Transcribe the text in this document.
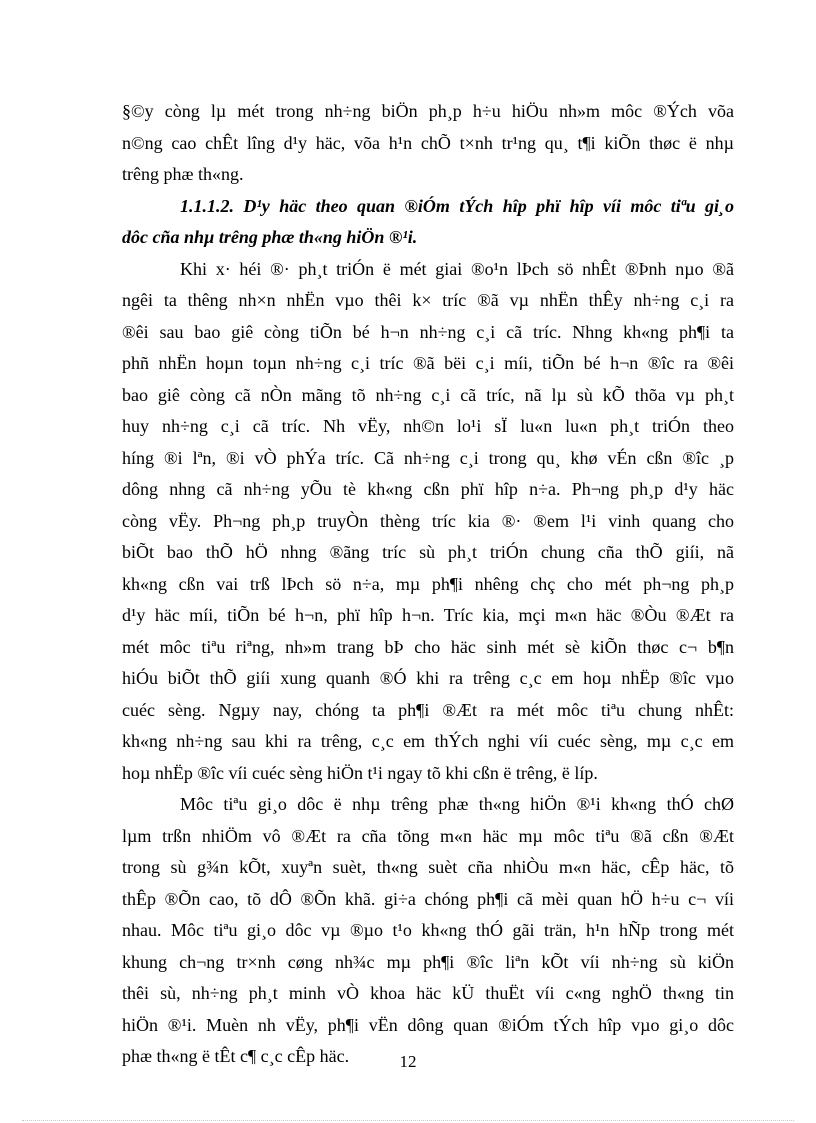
§©y còng lµ mét trong nh÷ng biÖn ph¸p h÷u hiÖu nh»m môc ®Ých võa
n©ng cao chÊt lîng d¹y häc, võa h¹n chÕ t×nh tr¹ng qu¸ t¶i kiÕn thøc ë nhµ
trêng phæ th«ng.

1.1.1.2. D¹y häc theo quan ®iÓm tÝch hîp phï hîp víi môc tiªu gi¸o
dôc cña nhµ trêng phæ th«ng hiÖn ®¹i.

Khi x· héi ®· ph¸t triÓn ë mét giai ®o¹n lÞch sö nhÊt ®Þnh nµo ®ã
ngêi ta thêng nh×n nhËn vµo thêi k× tríc ®ã vµ nhËn thÊy nh÷ng c¸i ra
®êi sau bao giê còng tiÕn bé h¬n nh÷ng c¸i cã tríc. Nhng kh«ng ph¶i ta
phñ nhËn hoµn toµn nh÷ng c¸i tríc ®ã bëi c¸i míi, tiÕn bé h¬n ®îc ra ®êi
bao giê còng cã nÒn mãng tõ nh÷ng c¸i cã tríc, nã lµ sù kÕ thõa vµ ph¸t
huy nh÷ng c¸i cã tríc. Nh vËy, nh©n lo¹i sÏ lu«n lu«n ph¸t triÓn theo
híng ®i lªn, ®i vÒ phÝa tríc. Cã nh÷ng c¸i trong qu¸ khø vÉn cßn ®îc ¸p
dông nhng cã nh÷ng yÕu tè kh«ng cßn phï hîp n÷a. Ph¬ng ph¸p d¹y häc
còng vËy. Ph¬ng ph¸p truyÒn thèng tríc kia ®· ®em l¹i vinh quang cho
biÕt bao thÕ hÖ nhng ®ãng tríc sù ph¸t triÓn chung cña thÕ giíi, nã
kh«ng cßn vai trß lÞch sö n÷a, mµ ph¶i nhêng chç cho mét ph¬ng ph¸p
d¹y häc míi, tiÕn bé h¬n, phï hîp h¬n. Tríc kia, mçi m«n häc ®Òu ®Æt ra
mét môc tiªu riªng, nh»m trang bÞ cho häc sinh mét sè kiÕn thøc c¬ b¶n
hiÓu biÕt thÕ giíi xung quanh ®Ó khi ra trêng c¸c em hoµ nhËp ®îc vµo
cuéc sèng. Ngµy nay, chóng ta ph¶i ®Æt ra mét môc tiªu chung nhÊt:
kh«ng nh÷ng sau khi ra trêng, c¸c em thÝch nghi víi cuéc sèng, mµ c¸c em
hoµ nhËp ®îc víi cuéc sèng hiÖn t¹i ngay tõ khi cßn ë trêng, ë líp.

Môc tiªu gi¸o dôc ë nhµ trêng phæ th«ng hiÖn ®¹i kh«ng thÓ chØ
lµm trßn nhiÖm vô ®Æt ra cña tõng m«n häc mµ môc tiªu ®ã cßn ®Æt
trong sù g¾n kÕt, xuyªn suèt, th«ng suèt cña nhiÒu m«n häc, cÊp häc, tõ
thÊp ®Õn cao, tõ dÔ ®Õn khã. gi÷a chóng ph¶i cã mèi quan hÖ h÷u c¬ víi
nhau. Môc tiªu gi¸o dôc vµ ®µo t¹o kh«ng thÓ gãi trän, h¹n hÑp trong mét
khung ch¬ng tr×nh cøng nh¾c mµ ph¶i ®îc liªn kÕt víi nh÷ng sù kiÖn
thêi sù, nh÷ng ph¸t minh vÒ khoa häc kÜ thuËt víi c«ng nghÖ th«ng tin
hiÖn ®¹i. Muèn nh vËy, ph¶i vËn dông quan ®iÓm tÝch hîp vµo gi¸o dôc
phæ th«ng ë tÊt c¶ c¸c cÊp häc.	12
